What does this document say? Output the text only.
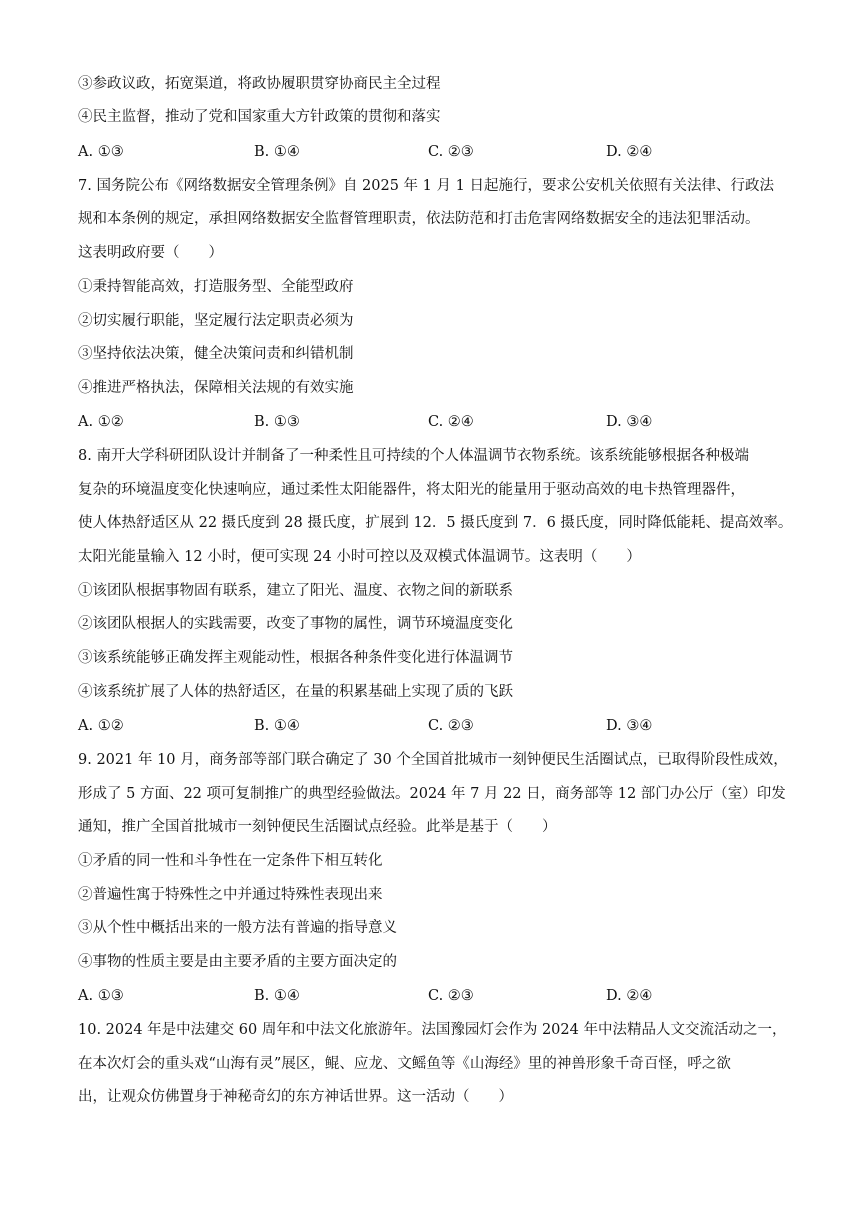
③参政议政，拓宽渠道，将政协履职贯穿协商民主全过程
④民主监督，推动了党和国家重大方针政策的贯彻和落实
A. ①③	B. ①④	C. ②③	D. ②④
7. 国务院公布《网络数据安全管理条例》自 2025 年 1 月 1 日起施行，要求公安机关依照有关法律、行政法
规和本条例的规定，承担网络数据安全监督管理职责，依法防范和打击危害网络数据安全的违法犯罪活动。
这表明政府要（　　）
①秉持智能高效，打造服务型、全能型政府
②切实履行职能，坚定履行法定职责必须为
③坚持依法决策，健全决策问责和纠错机制
④推进严格执法，保障相关法规的有效实施
A. ①②	B. ①③	C. ②④	D. ③④
8. 南开大学科研团队设计并制备了一种柔性且可持续的个人体温调节衣物系统。该系统能够根据各种极端
复杂的环境温度变化快速响应，通过柔性太阳能器件，将太阳光的能量用于驱动高效的电卡热管理器件，
使人体热舒适区从 22 摄氏度到 28 摄氏度，扩展到 12．5 摄氏度到 7．6 摄氏度，同时降低能耗、提高效率。
太阳光能量输入 12 小时，便可实现 24 小时可控以及双模式体温调节。这表明（　　）
①该团队根据事物固有联系，建立了阳光、温度、衣物之间的新联系
②该团队根据人的实践需要，改变了事物的属性，调节环境温度变化
③该系统能够正确发挥主观能动性，根据各种条件变化进行体温调节
④该系统扩展了人体的热舒适区，在量的积累基础上实现了质的飞跃
A. ①②	B. ①④	C. ②③	D. ③④
9. 2021 年 10 月，商务部等部门联合确定了 30 个全国首批城市一刻钟便民生活圈试点，已取得阶段性成效，
形成了 5 方面、22 项可复制推广的典型经验做法。2024 年 7 月 22 日，商务部等 12 部门办公厅（室）印发
通知，推广全国首批城市一刻钟便民生活圈试点经验。此举是基于（　　）
①矛盾的同一性和斗争性在一定条件下相互转化
②普遍性寓于特殊性之中并通过特殊性表现出来
③从个性中概括出来的一般方法有普遍的指导意义
④事物的性质主要是由主要矛盾的主要方面决定的
A. ①③	B. ①④	C. ②③	D. ②④
10. 2024 年是中法建交 60 周年和中法文化旅游年。法国豫园灯会作为 2024 年中法精品人文交流活动之一，
在本次灯会的重头戏“山海有灵”展区，鲲、应龙、文鳐鱼等《山海经》里的神兽形象千奇百怪，呼之欲
出，让观众仿佛置身于神秘奇幻的东方神话世界。这一活动（　　）
